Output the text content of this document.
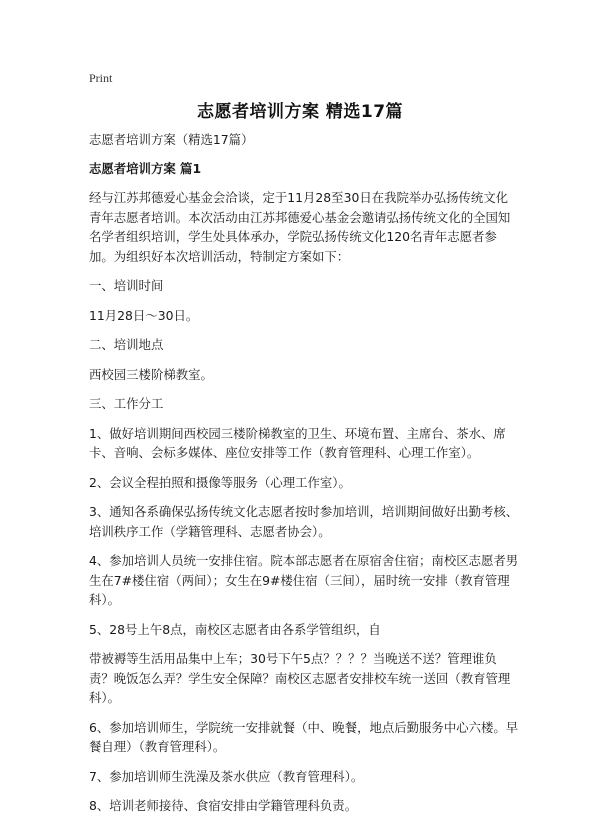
Print
志愿者培训方案 精选17篇

志愿者培训方案（精选17篇）

志愿者培训方案 篇1

经与江苏邦德爱心基金会洽谈，定于11月28至30日在我院举办弘扬传统文化青年志愿者培训。本次活动由江苏邦德爱心基金会邀请弘扬传统文化的全国知名学者组织培训，学生处具体承办，学院弘扬传统文化120名青年志愿者参加。为组织好本次培训活动，特制定方案如下：

一、培训时间

11月28日～30日。

二、培训地点

西校园三楼阶梯教室。

三、工作分工

1、做好培训期间西校园三楼阶梯教室的卫生、环境布置、主席台、茶水、席卡、音响、会标多媒体、座位安排等工作（教育管理科、心理工作室）。

2、会议全程拍照和摄像等服务（心理工作室）。

3、通知各系确保弘扬传统文化志愿者按时参加培训，培训期间做好出勤考核、培训秩序工作（学籍管理科、志愿者协会）。

4、参加培训人员统一安排住宿。院本部志愿者在原宿舍住宿；南校区志愿者男生在7#楼住宿（两间）；女生在9#楼住宿（三间），届时统一安排（教育管理科）。

5、28号上午8点，南校区志愿者由各系学管组织，自

带被褥等生活用品集中上车；30号下午5点？？？？当晚送不送？管理谁负责？晚饭怎么弄？学生安全保障？南校区志愿者安排校车统一送回（教育管理科）。

6、参加培训师生，学院统一安排就餐（中、晚餐，地点后勤服务中心六楼。早餐自理）（教育管理科）。

7、参加培训师生洗澡及茶水供应（教育管理科）。

8、培训老师接待、食宿安排由学籍管理科负责。
